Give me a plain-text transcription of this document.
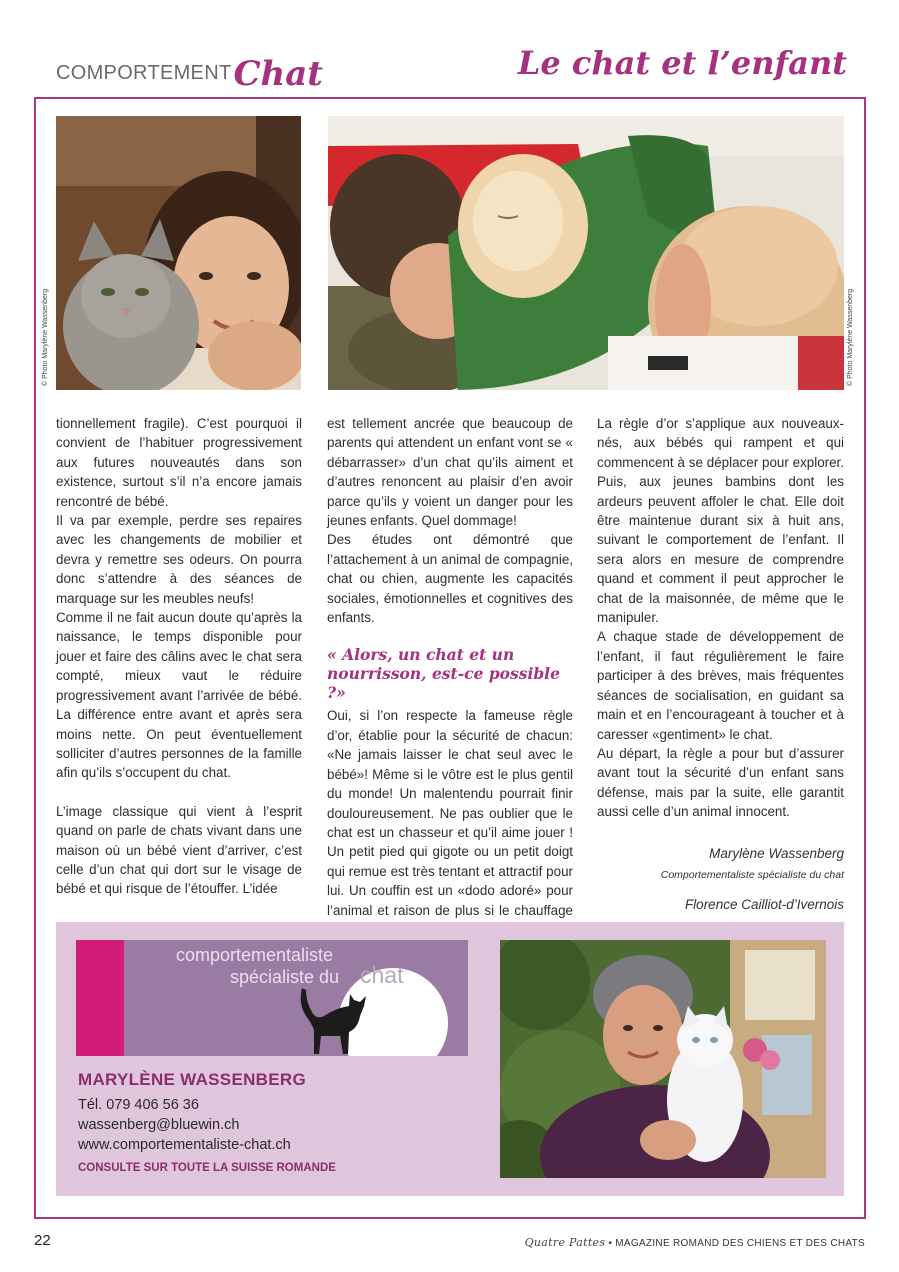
COMPORTEMENT Chat	Le chat et l’enfant
© Photo Marylène Wassenberg	© Photo Marylène Wassenberg

tionnellement fragile). C’est pourquoi il convient de l’habituer progressivement aux futures nouveautés dans son existence, surtout s’il n’a encore jamais rencontré de bébé.

Il va par exemple, perdre ses repaires avec les changements de mobilier et devra y remettre ses odeurs. On pourra donc s’attendre à des séances de marquage sur les meubles neufs!

Comme il ne fait aucun doute qu’après la naissance, le temps disponible pour jouer et faire des câlins avec le chat sera compté, mieux vaut le réduire progressivement avant l’arrivée de bébé. La différence entre avant et après sera moins nette. On peut éventuellement solliciter d’autres personnes de la famille afin qu’ils s’occupent du chat.

L’image classique qui vient à l’esprit quand on parle de chats vivant dans une maison où un bébé vient d’arriver, c’est celle d’un chat qui dort sur le visage de bébé et qui risque de l’étouffer. L’idée

est tellement ancrée que beaucoup de parents qui attendent un enfant vont se « débarrasser» d’un chat qu’ils aiment et d’autres renoncent au plaisir d’en avoir parce qu’ils y voient un danger pour les jeunes enfants. Quel dommage!

Des études ont démontré que l’attachement à un animal de compagnie, chat ou chien, augmente les capacités sociales, émotionnelles et cognitives des enfants.

« Alors, un chat et un nourrisson, est-ce possible ?»

Oui, si l’on respecte la fameuse règle d’or, établie pour la sécurité de chacun: «Ne jamais laisser le chat seul avec le bébé»! Même si le vôtre est le plus gentil du monde! Un malentendu pourrait finir douloureusement. Ne pas oublier que le chat est un chasseur et qu’il aime jouer ! Un petit pied qui gigote ou un petit doigt qui remue est très tentant et attractif pour lui. Un couffin est un «dodo adoré» pour l’animal et raison de plus si le chauffage

La règle d’or s’applique aux nouveaux-nés, aux bébés qui rampent et qui commencent à se déplacer pour explorer. Puis, aux jeunes bambins dont les ardeurs peuvent affoler le chat. Elle doit être maintenue durant six à huit ans, suivant le comportement de l’enfant. Il sera alors en mesure de comprendre quand et comment il peut approcher le chat de la maisonnée, de même que le manipuler.

A chaque stade de développement de l’enfant, il faut régulièrement le faire participer à des brèves, mais fréquentes séances de socialisation, en guidant sa main et en l’encourageant à toucher et à caresser «gentiment» le chat.

Au départ, la règle a pour but d’assurer avant tout la sécurité d’un enfant sans défense, mais par la suite, elle garantit aussi celle d’un animal innocent.

Marylène Wassenberg
Comportementaliste spécialiste du chat
Florence Cailliot-d’Ivernois
comportementaliste
spécialiste du chat
MARYLÈNE WASSENBERG
Tél. 079 406 56 36
wassenberg@bluewin.ch
www.comportementaliste-chat.ch
CONSULTE SUR TOUTE LA SUISSE ROMANDE
22	Quatre Pattes • MAGAZINE ROMAND DES CHIENS ET DES CHATS
